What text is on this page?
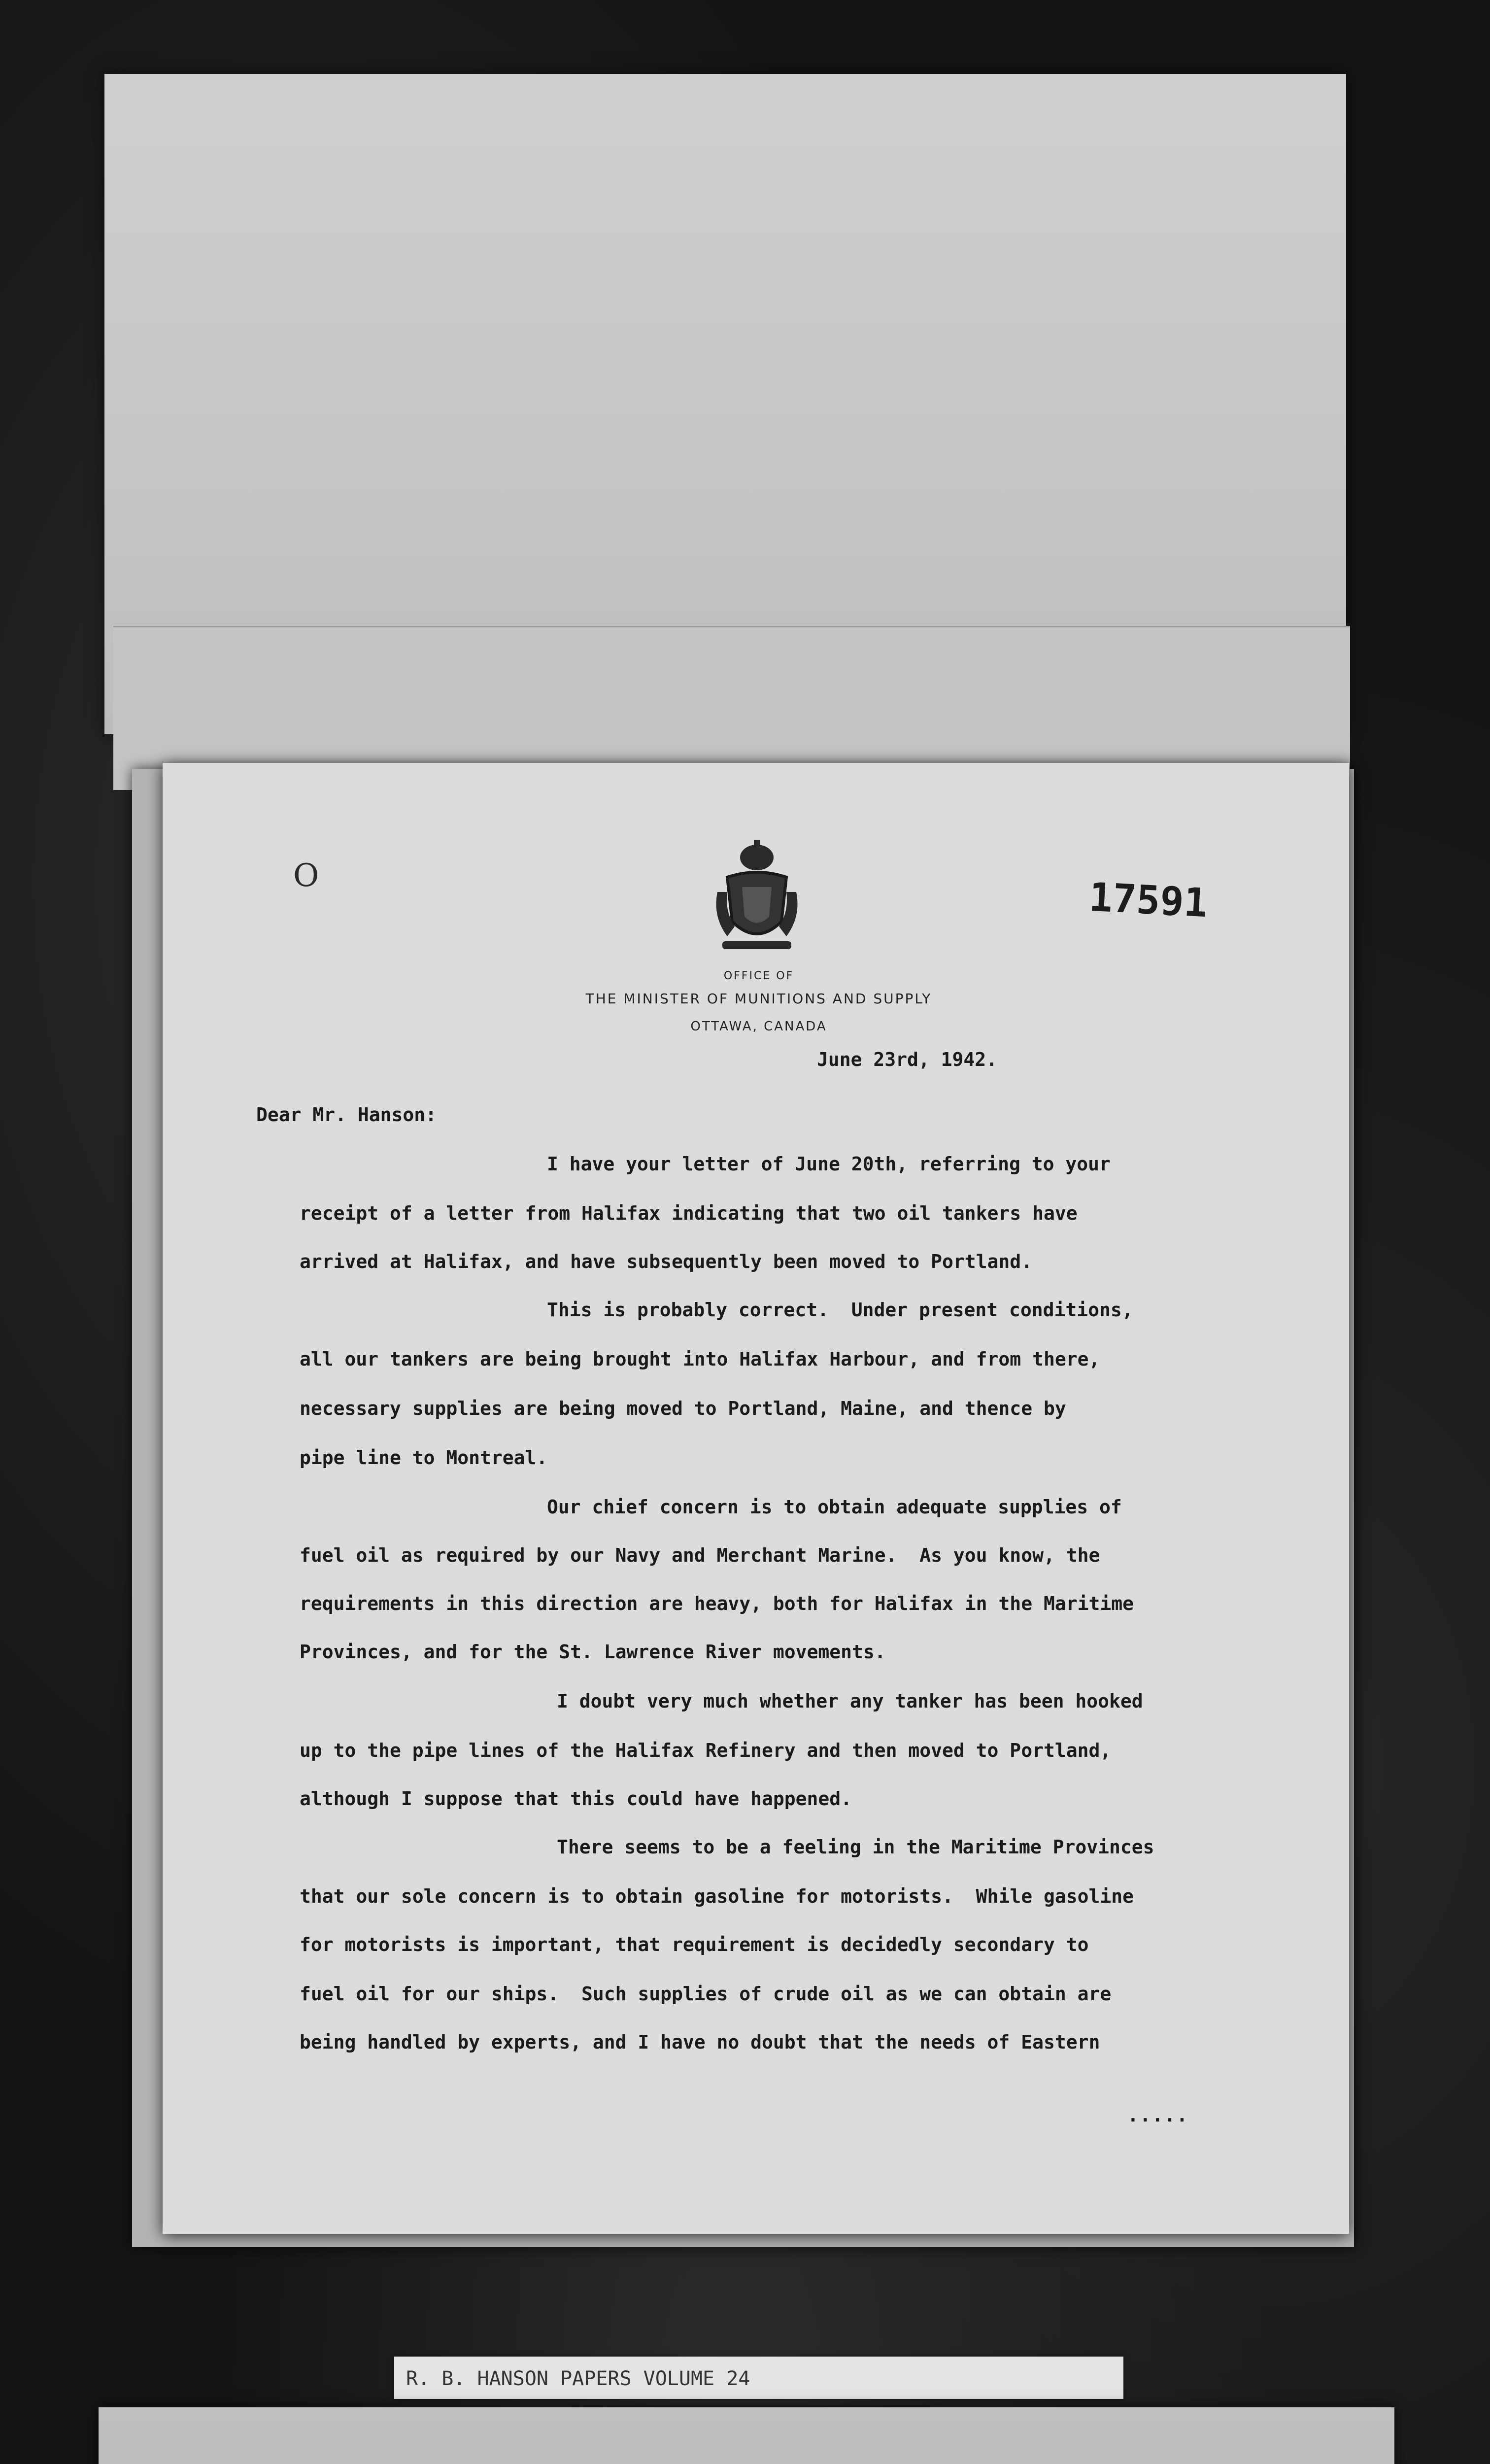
O	17591
OFFICE OF
THE MINISTER OF MUNITIONS AND SUPPLY
OTTAWA, CANADA
June 23rd, 1942.
Dear Mr. Hanson:
I have your letter of June 20th, referring to your
receipt of a letter from Halifax indicating that two oil tankers have
arrived at Halifax, and have subsequently been moved to Portland.
This is probably correct.  Under present conditions,
all our tankers are being brought into Halifax Harbour, and from there,
necessary supplies are being moved to Portland, Maine, and thence by
pipe line to Montreal.
Our chief concern is to obtain adequate supplies of
fuel oil as required by our Navy and Merchant Marine.  As you know, the
requirements in this direction are heavy, both for Halifax in the Maritime
Provinces, and for the St. Lawrence River movements.
I doubt very much whether any tanker has been hooked
up to the pipe lines of the Halifax Refinery and then moved to Portland,
although I suppose that this could have happened.
There seems to be a feeling in the Maritime Provinces
that our sole concern is to obtain gasoline for motorists.  While gasoline
for motorists is important, that requirement is decidedly secondary to
fuel oil for our ships.  Such supplies of crude oil as we can obtain are
being handled by experts, and I have no doubt that the needs of Eastern
.....
R. B. HANSON PAPERS VOLUME 24
